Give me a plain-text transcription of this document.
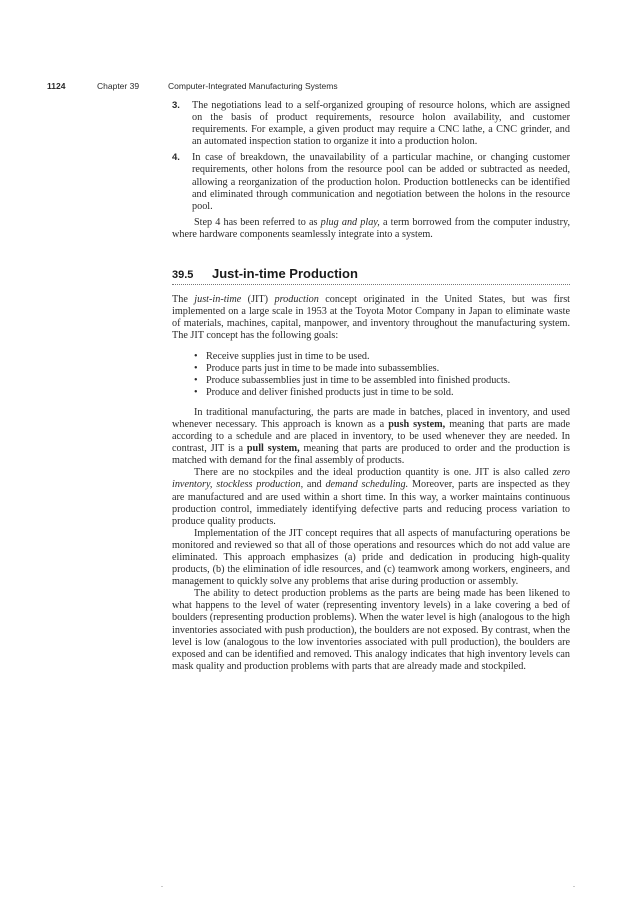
1124	Chapter 39	Computer-Integrated Manufacturing Systems
3. The negotiations lead to a self-organized grouping of resource holons, which are assigned on the basis of product requirements, resource holon availability, and customer requirements. For example, a given product may require a CNC lathe, a CNC grinder, and an automated inspection station to organize it into a production holon.
4. In case of breakdown, the unavailability of a particular machine, or changing customer requirements, other holons from the resource pool can be added or subtracted as needed, allowing a reorganization of the production holon. Production bottlenecks can be identified and eliminated through communication and negotiation between the holons in the resource pool.

Step 4 has been referred to as plug and play, a term borrowed from the computer industry, where hardware components seamlessly integrate into a system.

39.5 Just-in-time Production

The just-in-time (JIT) production concept originated in the United States, but was first implemented on a large scale in 1953 at the Toyota Motor Company in Japan to eliminate waste of materials, machines, capital, manpower, and inventory throughout the manufacturing system. The JIT concept has the following goals:

• Receive supplies just in time to be used.
• Produce parts just in time to be made into subassemblies.
• Produce subassemblies just in time to be assembled into finished products.
• Produce and deliver finished products just in time to be sold.

In traditional manufacturing, the parts are made in batches, placed in inventory, and used whenever necessary. This approach is known as a push system, meaning that parts are made according to a schedule and are placed in inventory, to be used whenever they are needed. In contrast, JIT is a pull system, meaning that parts are produced to order and the production is matched with demand for the final assembly of products.

There are no stockpiles and the ideal production quantity is one. JIT is also called zero inventory, stockless production, and demand scheduling. Moreover, parts are inspected as they are manufactured and are used within a short time. In this way, a worker maintains continuous production control, immediately identifying defective parts and reducing process variation to produce quality products.

Implementation of the JIT concept requires that all aspects of manufacturing operations be monitored and reviewed so that all of those operations and resources which do not add value are eliminated. This approach emphasizes (a) pride and dedication in producing high-quality products, (b) the elimination of idle resources, and (c) teamwork among workers, engineers, and management to quickly solve any problems that arise during production or assembly.

The ability to detect production problems as the parts are being made has been likened to what happens to the level of water (representing inventory levels) in a lake covering a bed of boulders (representing production problems). When the water level is high (analogous to the high inventories associated with push production), the boulders are not exposed. By contrast, when the level is low (analogous to the low inventories associated with pull production), the boulders are exposed and can be identified and removed. This analogy indicates that high inventory levels can mask quality and production problems with parts that are already made and stockpiled.

.	.
